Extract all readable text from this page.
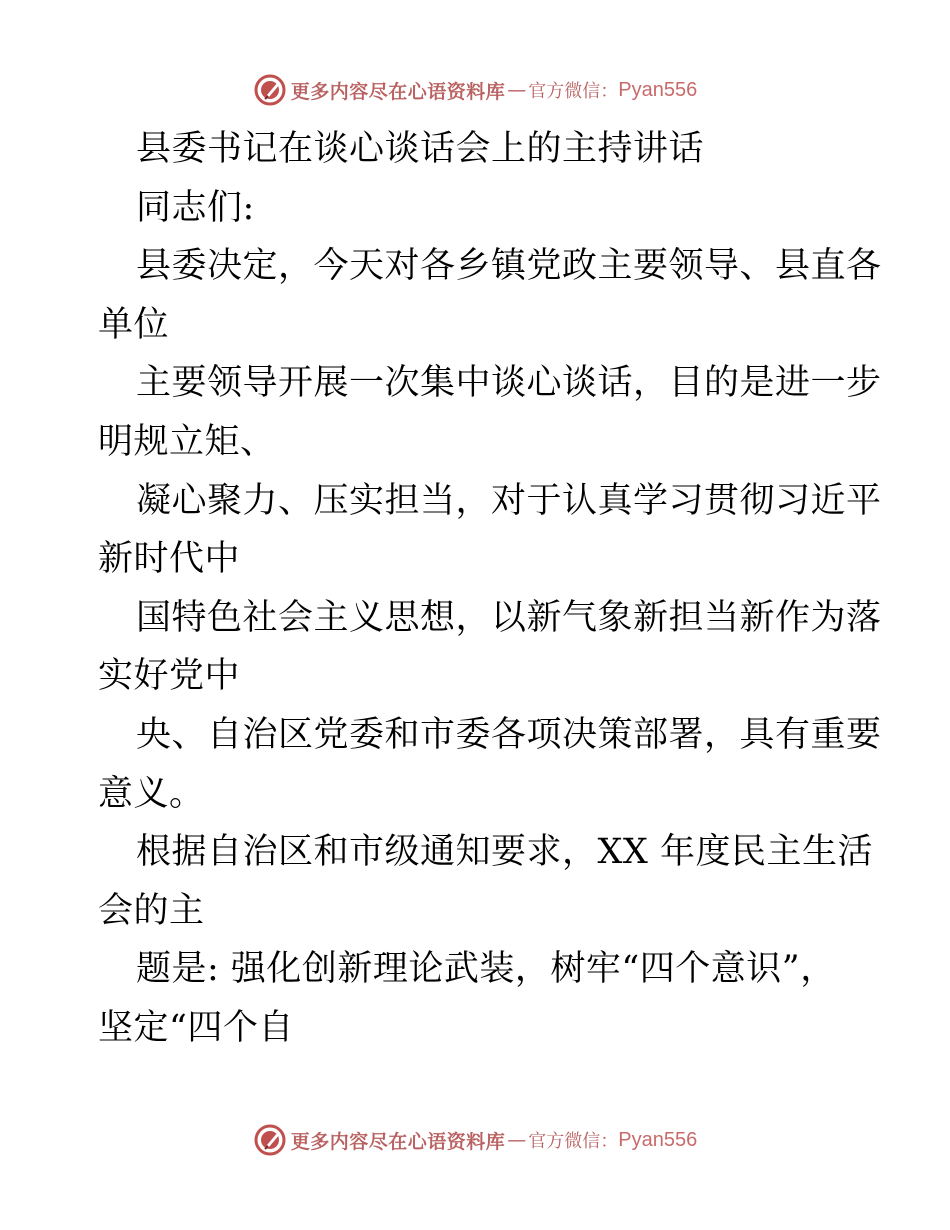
更多内容尽在心语资料库 — 官方微信： Pyan556
县委书记在谈心谈话会上的主持讲话
同志们:
县委决定，今天对各乡镇党政主要领导、县直各
单位
主要领导开展一次集中谈心谈话，目的是进一步
明规立矩、
凝心聚力、压实担当，对于认真学习贯彻习近平
新时代中
国特色社会主义思想，以新气象新担当新作为落
实好党中
央、自治区党委和市委各项决策部署，具有重要
意义。
根据自治区和市级通知要求，XX 年度民主生活
会的主
题是: 强化创新理论武装，树牢“四个意识”，
坚定“四个自
更多内容尽在心语资料库 — 官方微信： Pyan556
